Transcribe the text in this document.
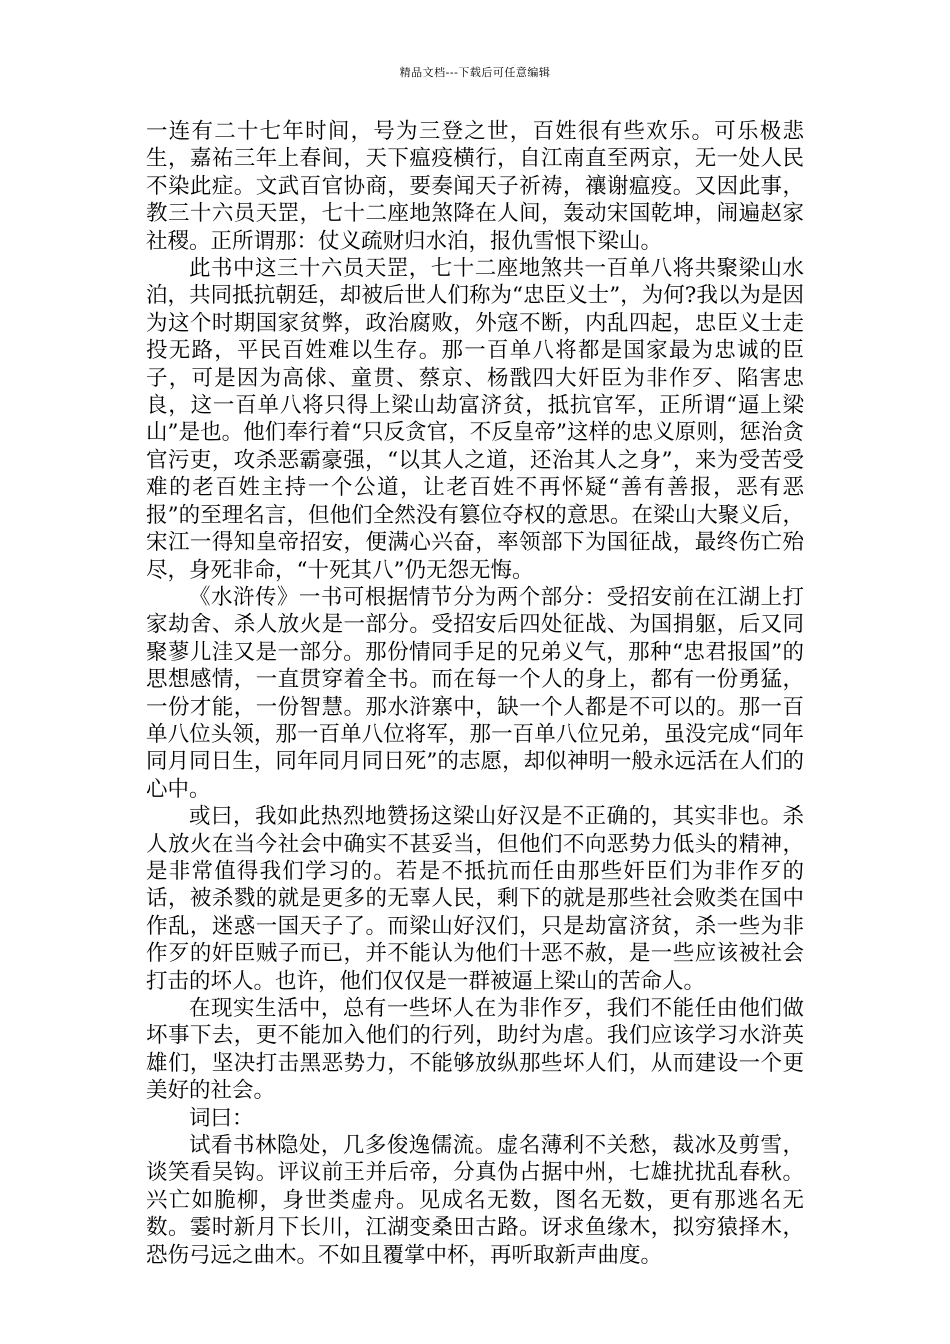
精品文档---下载后可任意编辑

一连有二十七年时间，号为三登之世，百姓很有些欢乐。可乐极悲生，嘉祐三年上春间，天下瘟疫横行，自江南直至两京，无一处人民不染此症。文武百官协商，要奏闻天子祈祷，禳谢瘟疫。又因此事，教三十六员天罡，七十二座地煞降在人间，轰动宋国乾坤，闹遍赵家社稷。正所谓那：仗义疏财归水泊，报仇雪恨下梁山。

此书中这三十六员天罡，七十二座地煞共一百单八将共聚梁山水泊，共同抵抗朝廷，却被后世人们称为“忠臣义士”，为何?我以为是因为这个时期国家贫弊，政治腐败，外寇不断，内乱四起，忠臣义士走投无路，平民百姓难以生存。那一百单八将都是国家最为忠诚的臣子，可是因为高俅、童贯、蔡京、杨戬四大奸臣为非作歹、陷害忠良，这一百单八将只得上梁山劫富济贫，抵抗官军，正所谓“逼上梁山”是也。他们奉行着“只反贪官，不反皇帝”这样的忠义原则，惩治贪官污吏，攻杀恶霸豪强，“以其人之道，还治其人之身”，来为受苦受难的老百姓主持一个公道，让老百姓不再怀疑“善有善报，恶有恶报”的至理名言，但他们全然没有篡位夺权的意思。在梁山大聚义后，宋江一得知皇帝招安，便满心兴奋，率领部下为国征战，最终伤亡殆尽，身死非命，“十死其八”仍无怨无悔。

《水浒传》一书可根据情节分为两个部分：受招安前在江湖上打家劫舍、杀人放火是一部分。受招安后四处征战、为国捐躯，后又同聚蓼儿洼又是一部分。那份情同手足的兄弟义气，那种“忠君报国”的思想感情，一直贯穿着全书。而在每一个人的身上，都有一份勇猛，一份才能，一份智慧。那水浒寨中，缺一个人都是不可以的。那一百单八位头领，那一百单八位将军，那一百单八位兄弟，虽没完成“同年同月同日生，同年同月同日死”的志愿，却似神明一般永远活在人们的心中。

或曰，我如此热烈地赞扬这梁山好汉是不正确的，其实非也。杀人放火在当今社会中确实不甚妥当，但他们不向恶势力低头的精神，是非常值得我们学习的。若是不抵抗而任由那些奸臣们为非作歹的话，被杀戮的就是更多的无辜人民，剩下的就是那些社会败类在国中作乱，迷惑一国天子了。而梁山好汉们，只是劫富济贫，杀一些为非作歹的奸臣贼子而已，并不能认为他们十恶不赦，是一些应该被社会打击的坏人。也许，他们仅仅是一群被逼上梁山的苦命人。

在现实生活中，总有一些坏人在为非作歹，我们不能任由他们做坏事下去，更不能加入他们的行列，助纣为虐。我们应该学习水浒英雄们，坚决打击黑恶势力，不能够放纵那些坏人们，从而建设一个更美好的社会。

词曰：

试看书林隐处，几多俊逸儒流。虚名薄利不关愁，裁冰及剪雪，谈笑看吴钩。评议前王并后帝，分真伪占据中州，七雄扰扰乱春秋。兴亡如脆柳，身世类虚舟。见成名无数，图名无数，更有那逃名无数。霎时新月下长川，江湖变桑田古路。讶求鱼缘木，拟穷猿择木，恐伤弓远之曲木。不如且覆掌中杯，再听取新声曲度。
